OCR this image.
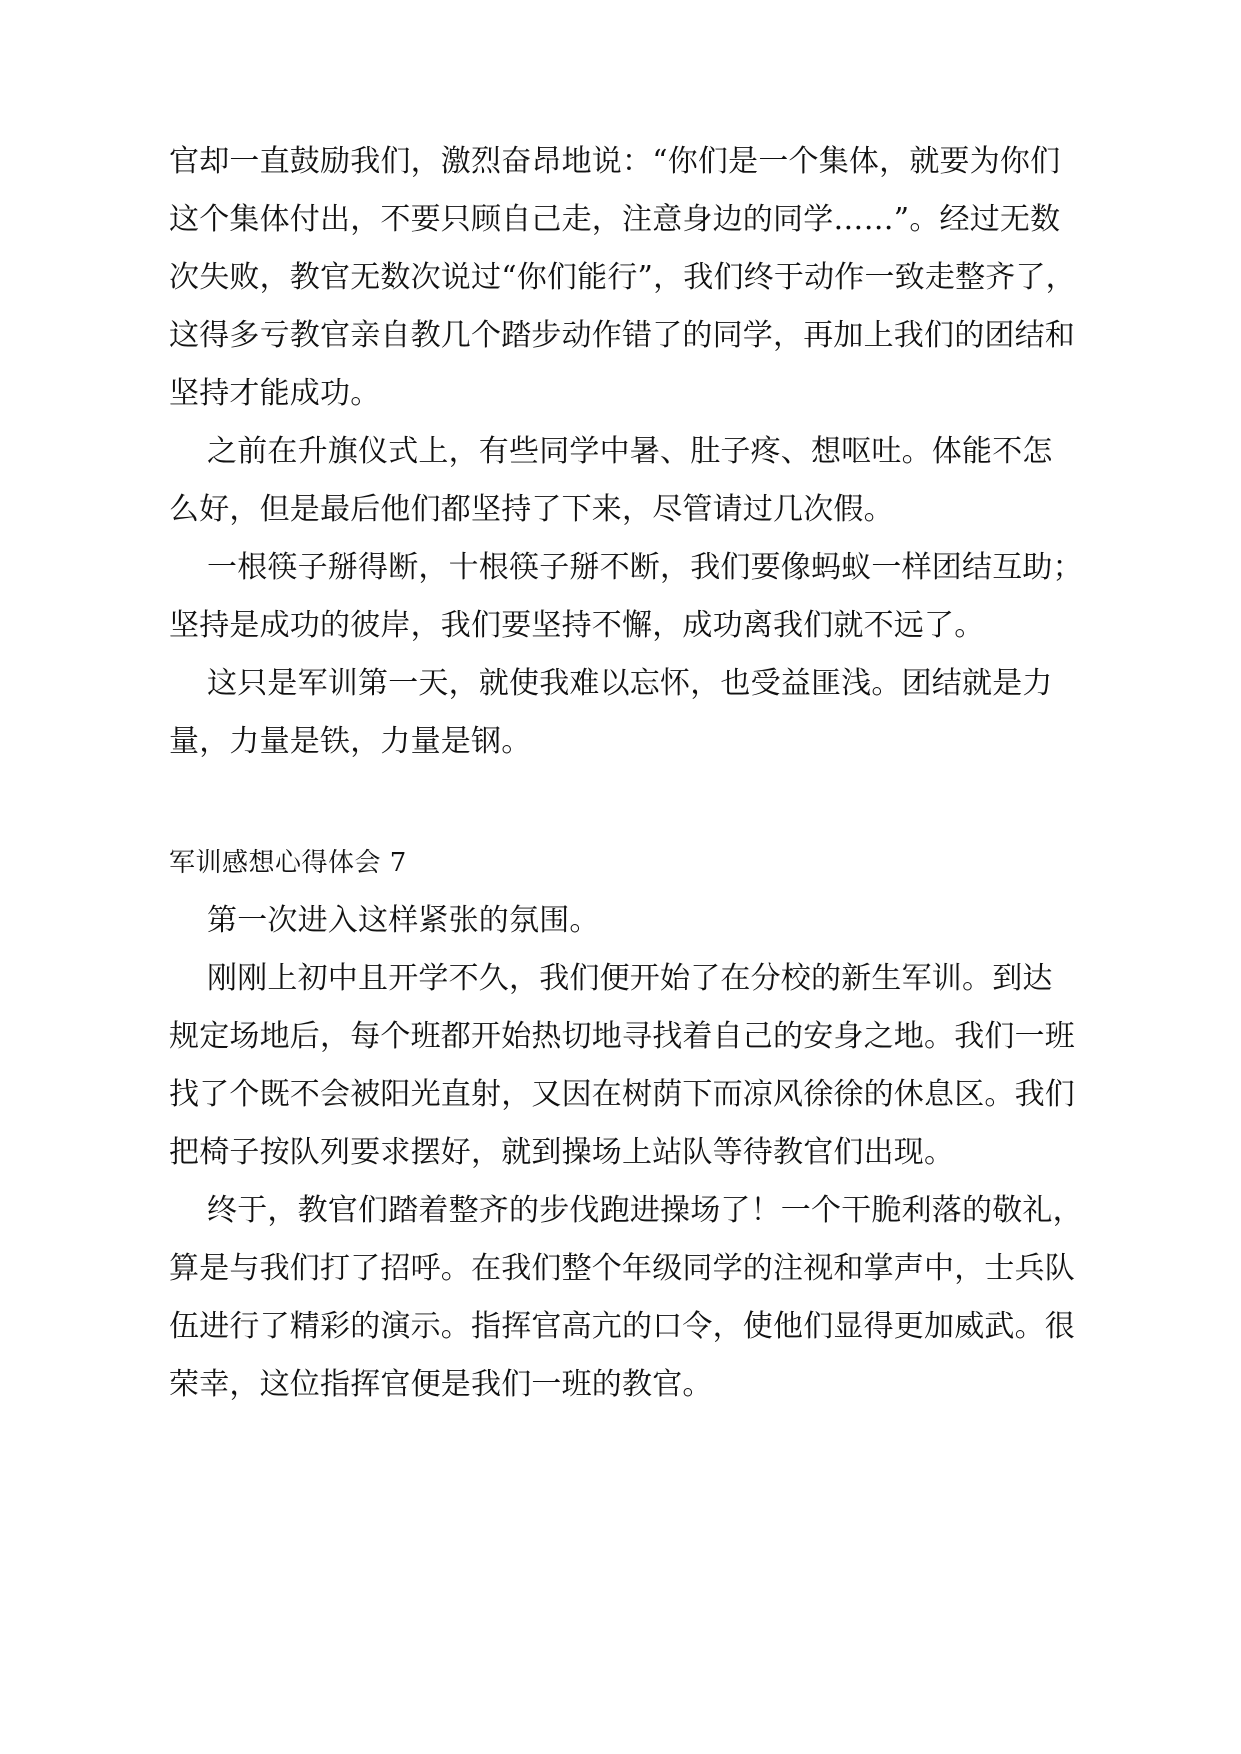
官却一直鼓励我们，激烈奋昂地说：“你们是一个集体，就要为你们
这个集体付出，不要只顾自己走，注意身边的同学……”。经过无数
次失败，教官无数次说过“你们能行”，我们终于动作一致走整齐了，
这得多亏教官亲自教几个踏步动作错了的同学，再加上我们的团结和
坚持才能成功。
之前在升旗仪式上，有些同学中暑、肚子疼、想呕吐。体能不怎
么好，但是最后他们都坚持了下来，尽管请过几次假。
一根筷子掰得断，十根筷子掰不断，我们要像蚂蚁一样团结互助；
坚持是成功的彼岸，我们要坚持不懈，成功离我们就不远了。
这只是军训第一天，就使我难以忘怀，也受益匪浅。团结就是力
量，力量是铁，力量是钢。
军训感想心得体会 7
第一次进入这样紧张的氛围。
刚刚上初中且开学不久，我们便开始了在分校的新生军训。到达
规定场地后，每个班都开始热切地寻找着自己的安身之地。我们一班
找了个既不会被阳光直射，又因在树荫下而凉风徐徐的休息区。我们
把椅子按队列要求摆好，就到操场上站队等待教官们出现。
终于，教官们踏着整齐的步伐跑进操场了！一个干脆利落的敬礼，
算是与我们打了招呼。在我们整个年级同学的注视和掌声中，士兵队
伍进行了精彩的演示。指挥官高亢的口令，使他们显得更加威武。很
荣幸，这位指挥官便是我们一班的教官。
